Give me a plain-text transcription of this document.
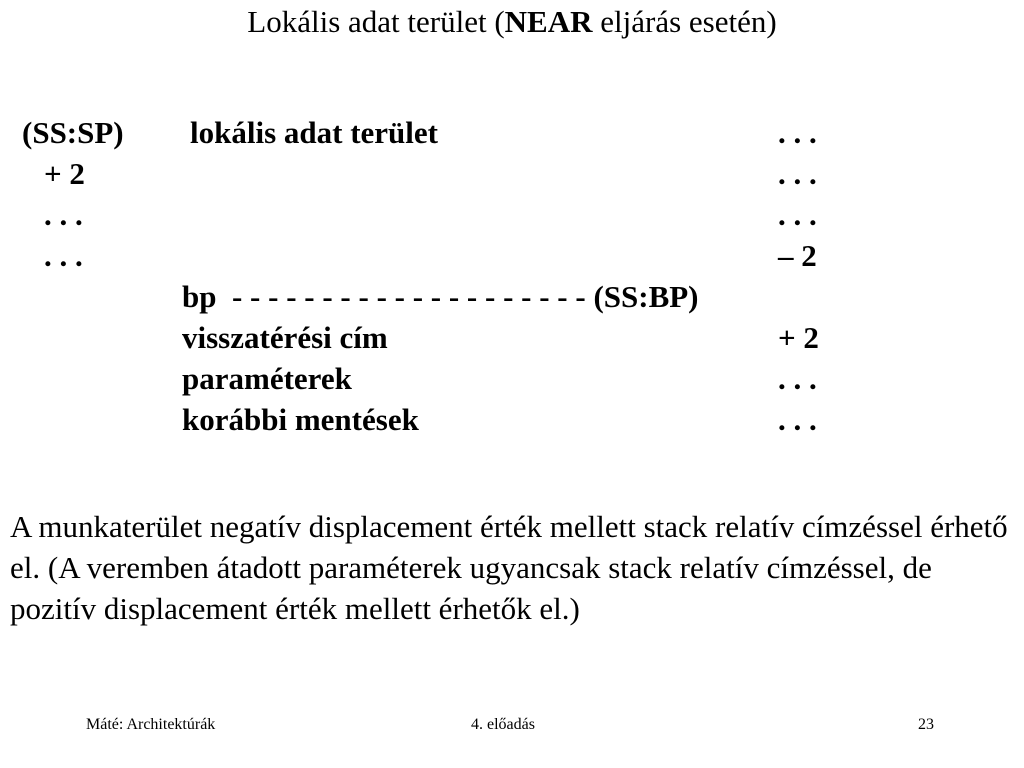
Lokális adat terület (NEAR eljárás esetén)
(SS:SP) lokális adat terület	. . .
+ 2	. . .
. . .	. . .
. . .	– 2
bp  - - - - - - - - - - - - - - - - - - - - (SS:BP)
visszatérési cím	+ 2
paraméterek	. . .
korábbi mentések	. . .

A munkaterület negatív displacement érték mellett stack relatív címzéssel érhető el. (A veremben átadott paraméterek ugyancsak stack relatív címzéssel, de pozitív displacement érték mellett érhetők el.)

Máté: Architektúrák	4. előadás	23
